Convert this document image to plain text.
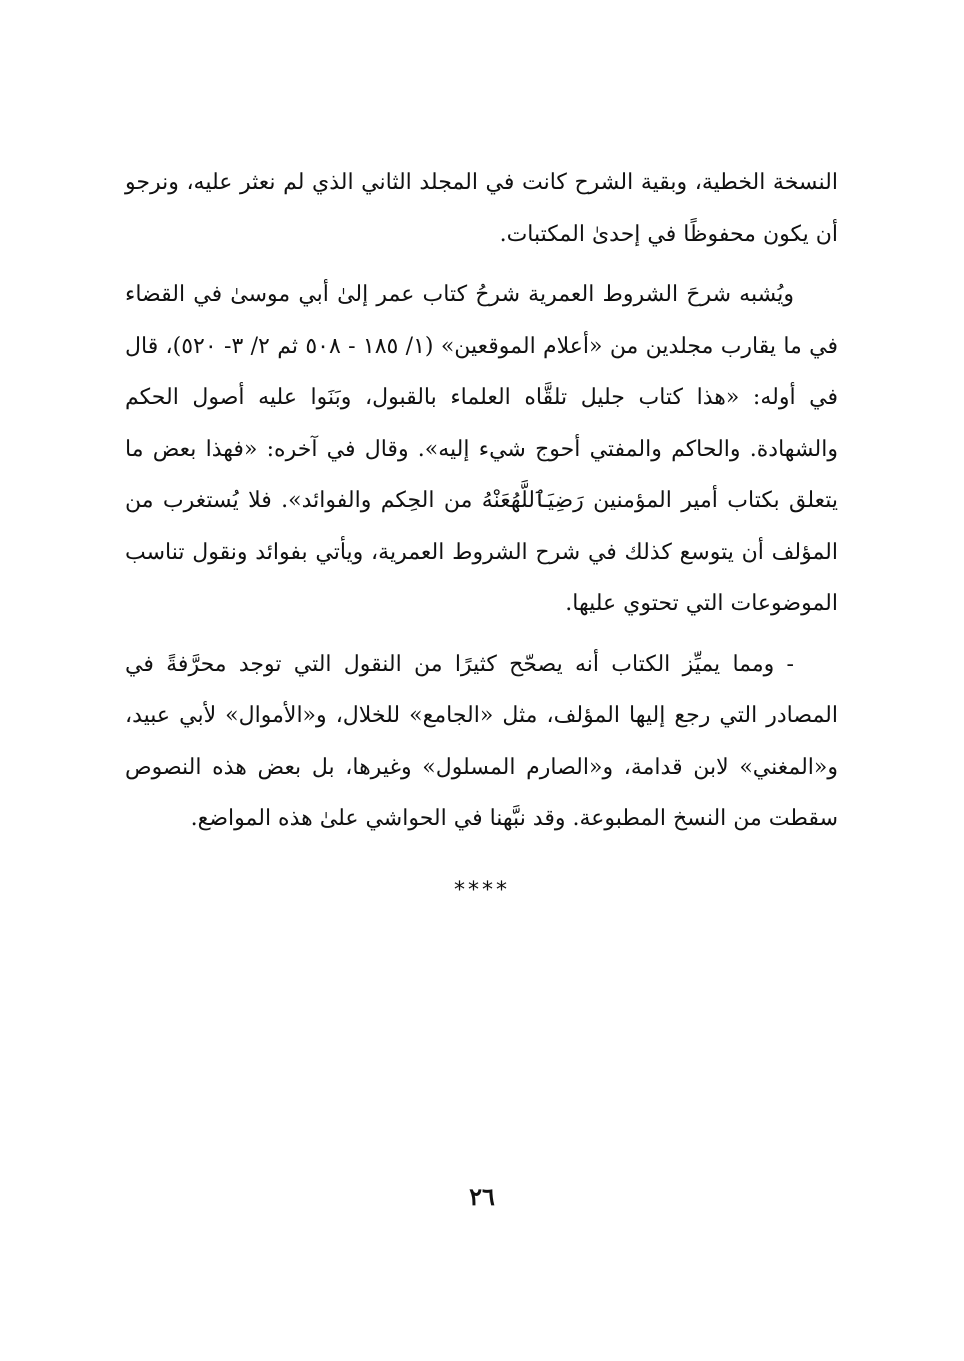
النسخة الخطية، وبقية الشرح كانت في المجلد الثاني الذي لم نعثر عليه، ونرجو أن يكون محفوظًا في إحدىٰ المكتبات.

ويُشبه شرحَ الشروط العمرية شرحُ كتاب عمر إلىٰ أبي موسىٰ في القضاء في ما يقارب مجلدين من «أعلام الموقعين» (١/ ١٨٥ - ٥٠٨ ثم ٢/ ٣- ٥٢٠)، قال في أوله: «هذا كتاب جليل تلقَّاه العلماء بالقبول، وبَنَوا عليه أصول الحكم والشهادة. والحاكم والمفتي أحوج شيء إليه». وقال في آخره: «فهذا بعض ما يتعلق بكتاب أمير المؤمنين رَضِيَٱللَّهُعَنْهُ من الحِكم والفوائد». فلا يُستغرب من المؤلف أن يتوسع كذلك في شرح الشروط العمرية، ويأتي بفوائد ونقول تناسب الموضوعات التي تحتوي عليها.

- ومما يميِّز الكتاب أنه يصحّح كثيرًا من النقول التي توجد محرَّفةً في المصادر التي رجع إليها المؤلف، مثل «الجامع» للخلال، و«الأموال» لأبي عبيد، و«المغني» لابن قدامة، و«الصارم المسلول» وغيرها، بل بعض هذه النصوص سقطت من النسخ المطبوعة. وقد نبَّهنا في الحواشي علىٰ هذه المواضع.

****
٢٦
